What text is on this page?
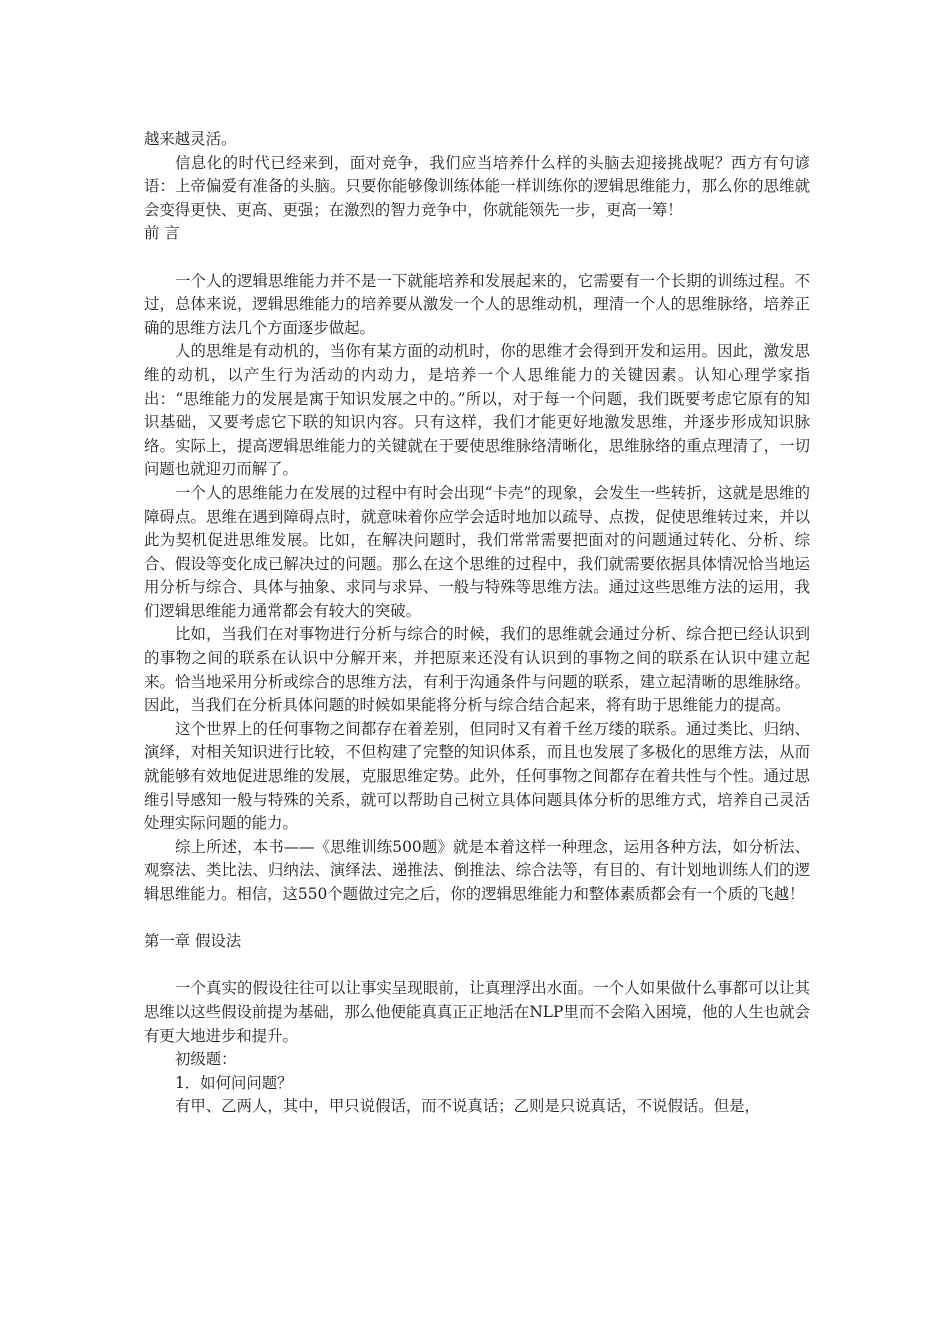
越来越灵活。

信息化的时代已经来到，面对竞争，我们应当培养什么样的头脑去迎接挑战呢？西方有句谚语：上帝偏爱有准备的头脑。只要你能够像训练体能一样训练你的逻辑思维能力，那么你的思维就会变得更快、更高、更强；在激烈的智力竞争中，你就能领先一步，更高一筹！

前 言

一个人的逻辑思维能力并不是一下就能培养和发展起来的，它需要有一个长期的训练过程。不过，总体来说，逻辑思维能力的培养要从激发一个人的思维动机，理清一个人的思维脉络，培养正确的思维方法几个方面逐步做起。

人的思维是有动机的，当你有某方面的动机时，你的思维才会得到开发和运用。因此，激发思维的动机，以产生行为活动的内动力，是培养一个人思维能力的关键因素。认知心理学家指出：“思维能力的发展是寓于知识发展之中的。”所以，对于每一个问题，我们既要考虑它原有的知识基础，又要考虑它下联的知识内容。只有这样，我们才能更好地激发思维，并逐步形成知识脉络。实际上，提高逻辑思维能力的关键就在于要使思维脉络清晰化，思维脉络的重点理清了，一切问题也就迎刃而解了。

一个人的思维能力在发展的过程中有时会出现“卡壳”的现象，会发生一些转折，这就是思维的障碍点。思维在遇到障碍点时，就意味着你应学会适时地加以疏导、点拨，促使思维转过来，并以此为契机促进思维发展。比如，在解决问题时，我们常常需要把面对的问题通过转化、分析、综合、假设等变化成已解决过的问题。那么在这个思维的过程中，我们就需要依据具体情况恰当地运用分析与综合、具体与抽象、求同与求异、一般与特殊等思维方法。通过这些思维方法的运用，我们逻辑思维能力通常都会有较大的突破。

比如，当我们在对事物进行分析与综合的时候，我们的思维就会通过分析、综合把已经认识到的事物之间的联系在认识中分解开来，并把原来还没有认识到的事物之间的联系在认识中建立起来。恰当地采用分析或综合的思维方法，有利于沟通条件与问题的联系，建立起清晰的思维脉络。因此，当我们在分析具体问题的时候如果能将分析与综合结合起来，将有助于思维能力的提高。

这个世界上的任何事物之间都存在着差别，但同时又有着千丝万缕的联系。通过类比、归纳、演绎，对相关知识进行比较，不但构建了完整的知识体系，而且也发展了多极化的思维方法，从而就能够有效地促进思维的发展，克服思维定势。此外，任何事物之间都存在着共性与个性。通过思维引导感知一般与特殊的关系，就可以帮助自己树立具体问题具体分析的思维方式，培养自己灵活处理实际问题的能力。

综上所述，本书——《思维训练500题》就是本着这样一种理念，运用各种方法，如分析法、观察法、类比法、归纳法、演绎法、递推法、倒推法、综合法等，有目的、有计划地训练人们的逻辑思维能力。相信，这550个题做过完之后，你的逻辑思维能力和整体素质都会有一个质的飞越！

第一章 假设法

一个真实的假设往往可以让事实呈现眼前，让真理浮出水面。一个人如果做什么事都可以让其思维以这些假设前提为基础，那么他便能真真正正地活在NLP里而不会陷入困境，他的人生也就会有更大地进步和提升。

初级题：

1．如何问问题？

有甲、乙两人，其中，甲只说假话，而不说真话；乙则是只说真话，不说假话。但是，
